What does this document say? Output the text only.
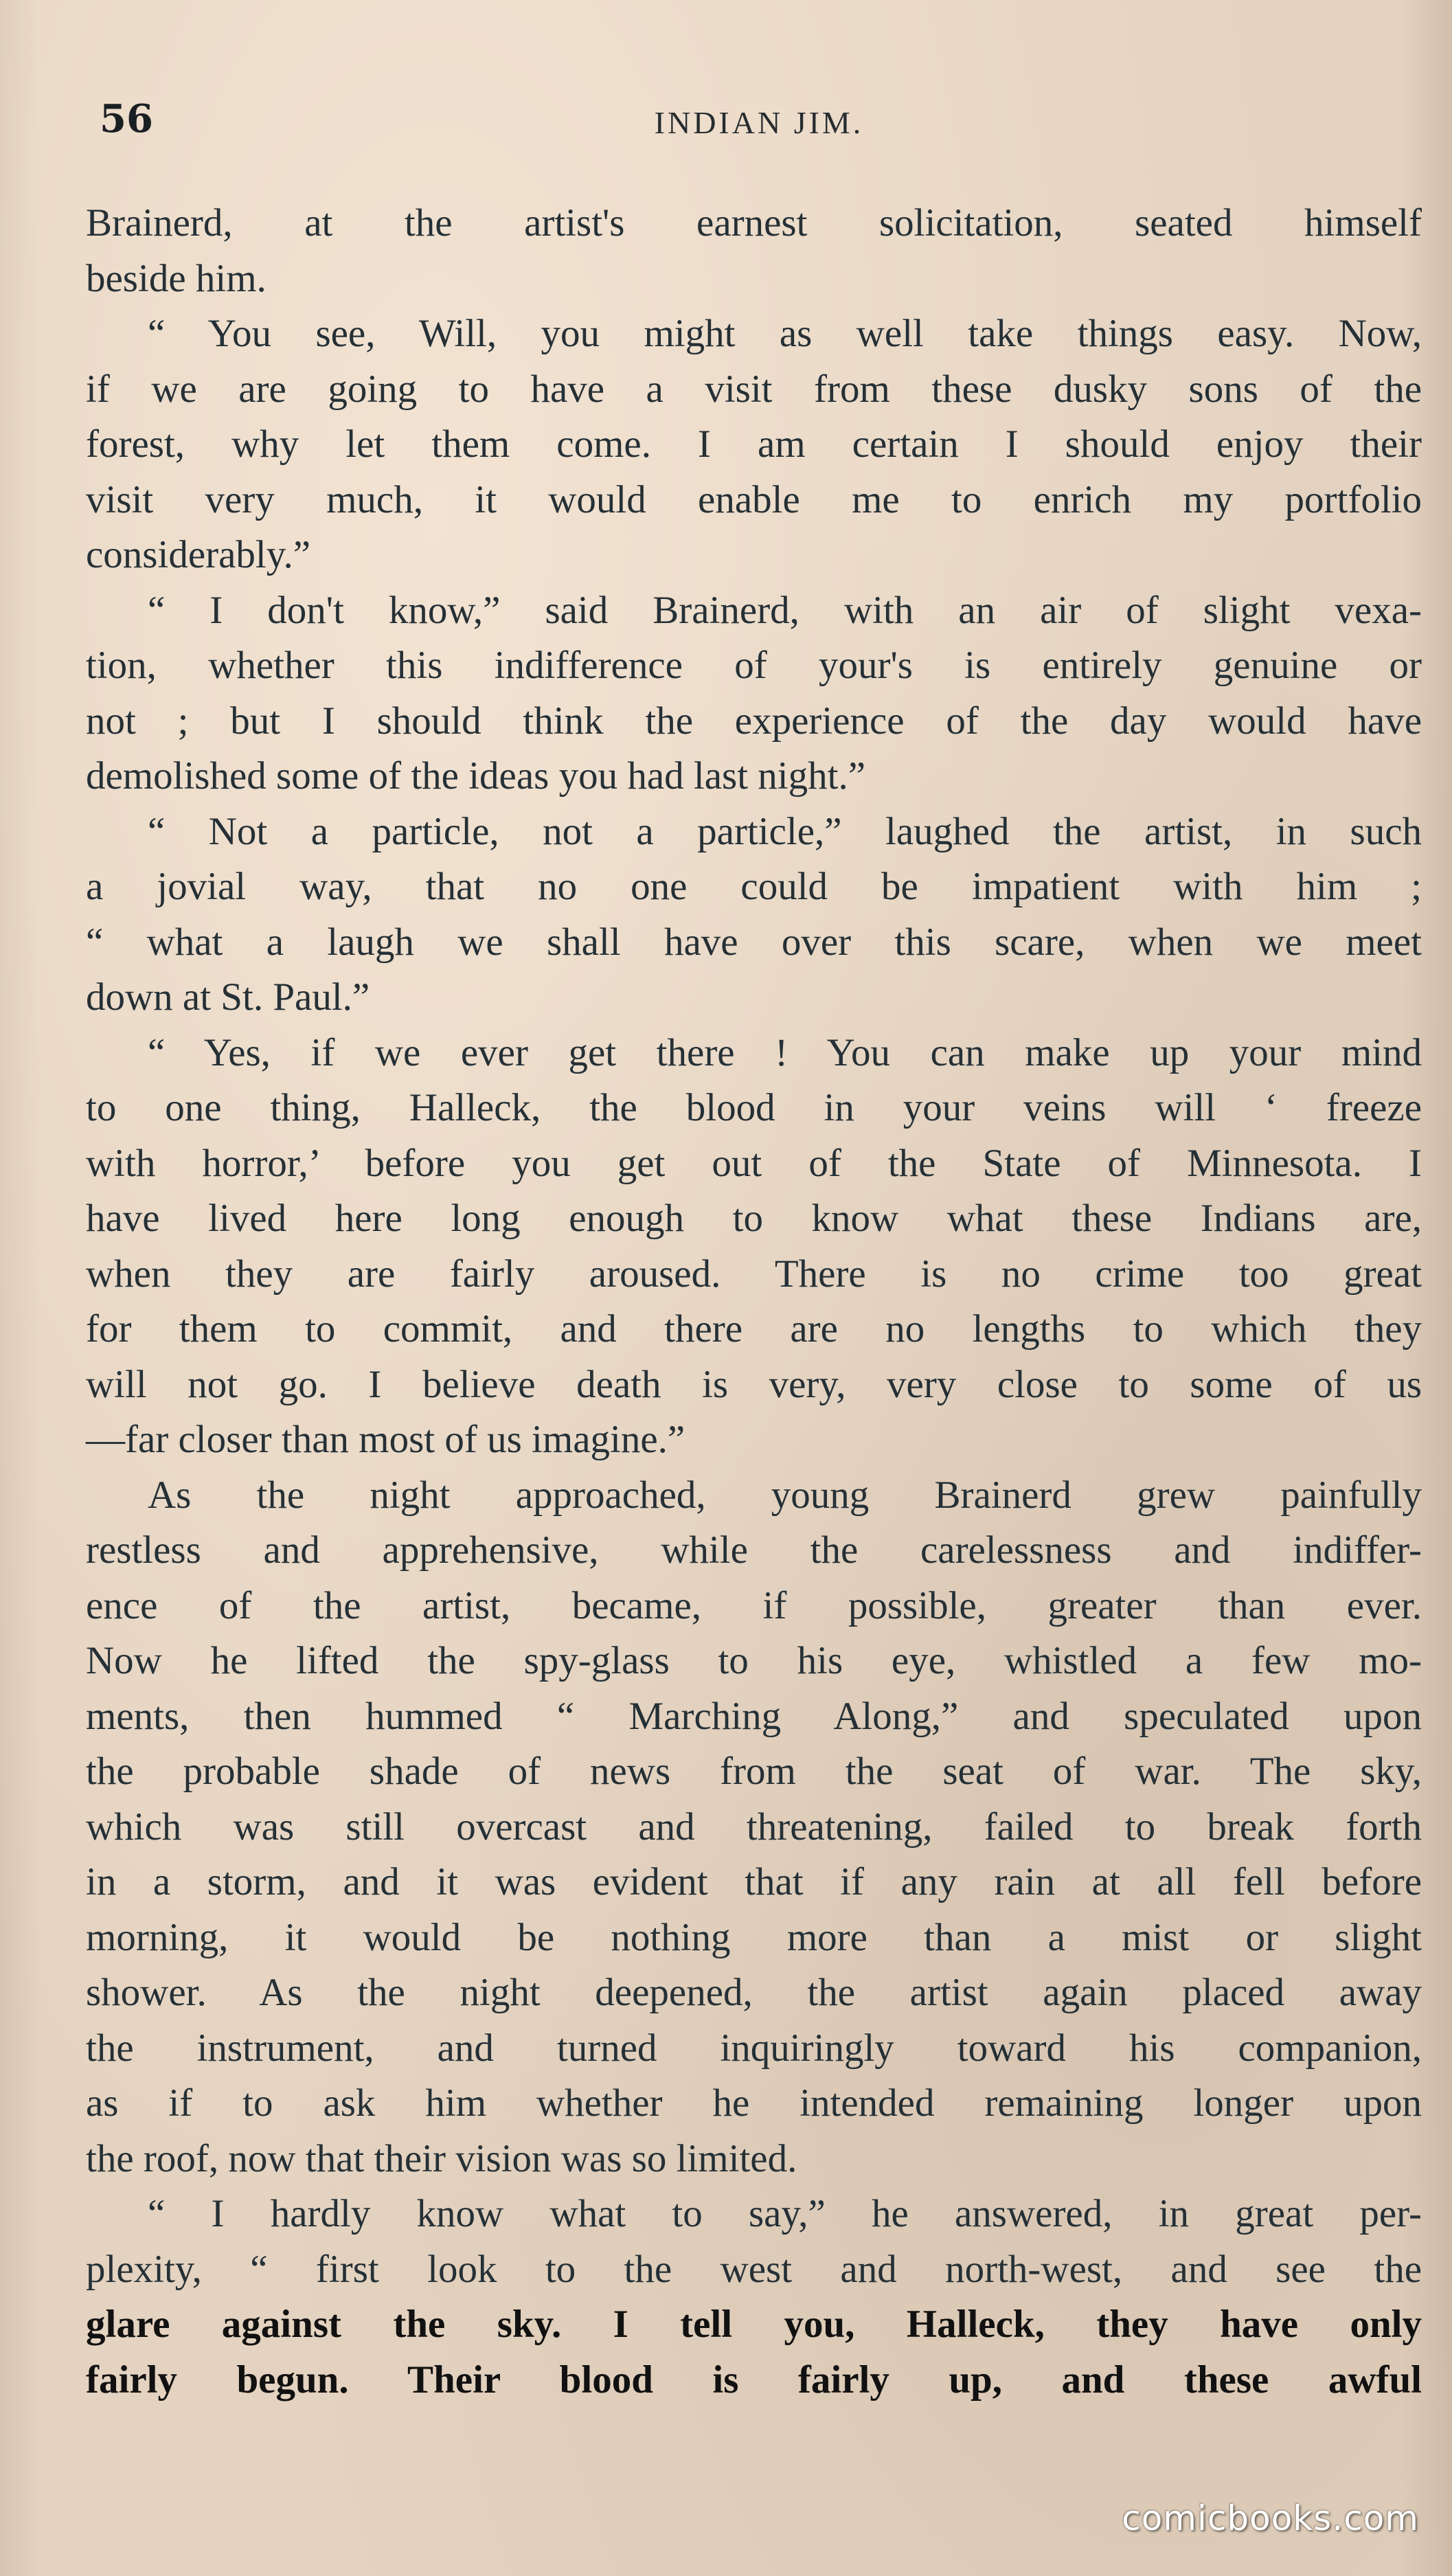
56	INDIAN JIM.
Brainerd, at the artist's earnest solicitation, seated himself
beside him.
“ You see, Will, you might as well take things easy. Now,
if we are going to have a visit from these dusky sons of the
forest, why let them come. I am certain I should enjoy their
visit very much, it would enable me to enrich my portfolio
considerably.”
“ I don't know,” said Brainerd, with an air of slight vexa-
tion, whether this indifference of your's is entirely genuine or
not ; but I should think the experience of the day would have
demolished some of the ideas you had last night.”
“ Not a particle, not a particle,” laughed the artist, in such
a jovial way, that no one could be impatient with him ;
“ what a laugh we shall have over this scare, when we meet
down at St. Paul.”
“ Yes, if we ever get there ! You can make up your mind
to one thing, Halleck, the blood in your veins will ‘ freeze
with horror,’ before you get out of the State of Minnesota. I
have lived here long enough to know what these Indians are,
when they are fairly aroused. There is no crime too great
for them to commit, and there are no lengths to which they
will not go. I believe death is very, very close to some of us
—far closer than most of us imagine.”
As the night approached, young Brainerd grew painfully
restless and apprehensive, while the carelessness and indiffer-
ence of the artist, became, if possible, greater than ever.
Now he lifted the spy-glass to his eye, whistled a few mo-
ments, then hummed “ Marching Along,” and speculated upon
the probable shade of news from the seat of war. The sky,
which was still overcast and threatening, failed to break forth
in a storm, and it was evident that if any rain at all fell before
morning, it would be nothing more than a mist or slight
shower. As the night deepened, the artist again placed away
the instrument, and turned inquiringly toward his companion,
as if to ask him whether he intended remaining longer upon
the roof, now that their vision was so limited.
“ I hardly know what to say,” he answered, in great per-
plexity, “ first look to the west and north-west, and see the
glare against the sky. I tell you, Halleck, they have only
fairly begun. Their blood is fairly up, and these awful
comicbooks.com
